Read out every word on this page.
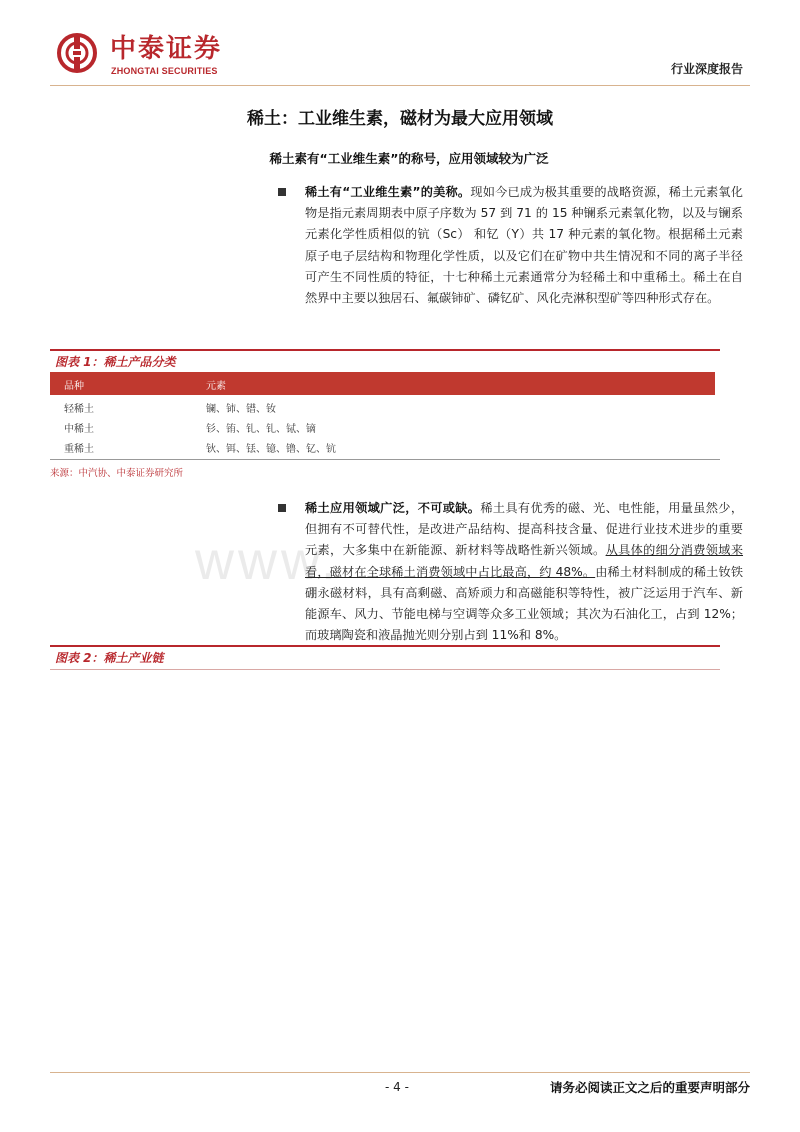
中泰证券
ZHONGTAI SECURITIES	行业深度报告
www.
稀土：工业维生素，磁材为最大应用领域
稀土素有“工业维生素”的称号，应用领域较为广泛
稀土有“工业维生素”的美称。现如今已成为极其重要的战略资源，稀土元素氧化物是指元素周期表中原子序数为 57 到 71 的 15 种镧系元素氧化物，以及与镧系元素化学性质相似的钪（Sc） 和钇（Y）共 17 种元素的氧化物。根据稀土元素原子电子层结构和物理化学性质，以及它们在矿物中共生情况和不同的离子半径可产生不同性质的特征，十七种稀土元素通常分为轻稀土和中重稀土。稀土在自然界中主要以独居石、氟碳铈矿、磷钇矿、风化壳淋积型矿等四种形式存在。
图表 1：稀土产品分类
品种	元素
轻稀土	镧、铈、镨、钕
中稀土	钐、铕、钆、钆、铽、镝
重稀土	钬、铒、铥、镱、镥、钇、钪
来源：中汽协、中泰证券研究所
稀土应用领域广泛，不可或缺。稀土具有优秀的磁、光、电性能，用量虽然少，但拥有不可替代性，是改进产品结构、提高科技含量、促进行业技术进步的重要元素，大多集中在新能源、新材料等战略性新兴领域。从具体的细分消费领域来看，磁材在全球稀土消费领域中占比最高，约 48%。由稀土材料制成的稀土钕铁硼永磁材料，具有高剩磁、高矫顽力和高磁能积等特性，被广泛运用于汽车、新能源车、风力、节能电梯与空调等众多工业领域；其次为石油化工，占到 12%；而玻璃陶瓷和液晶抛光则分别占到 11%和 8%。
图表 2：稀土产业链
- 4 -	请务必阅读正文之后的重要声明部分
